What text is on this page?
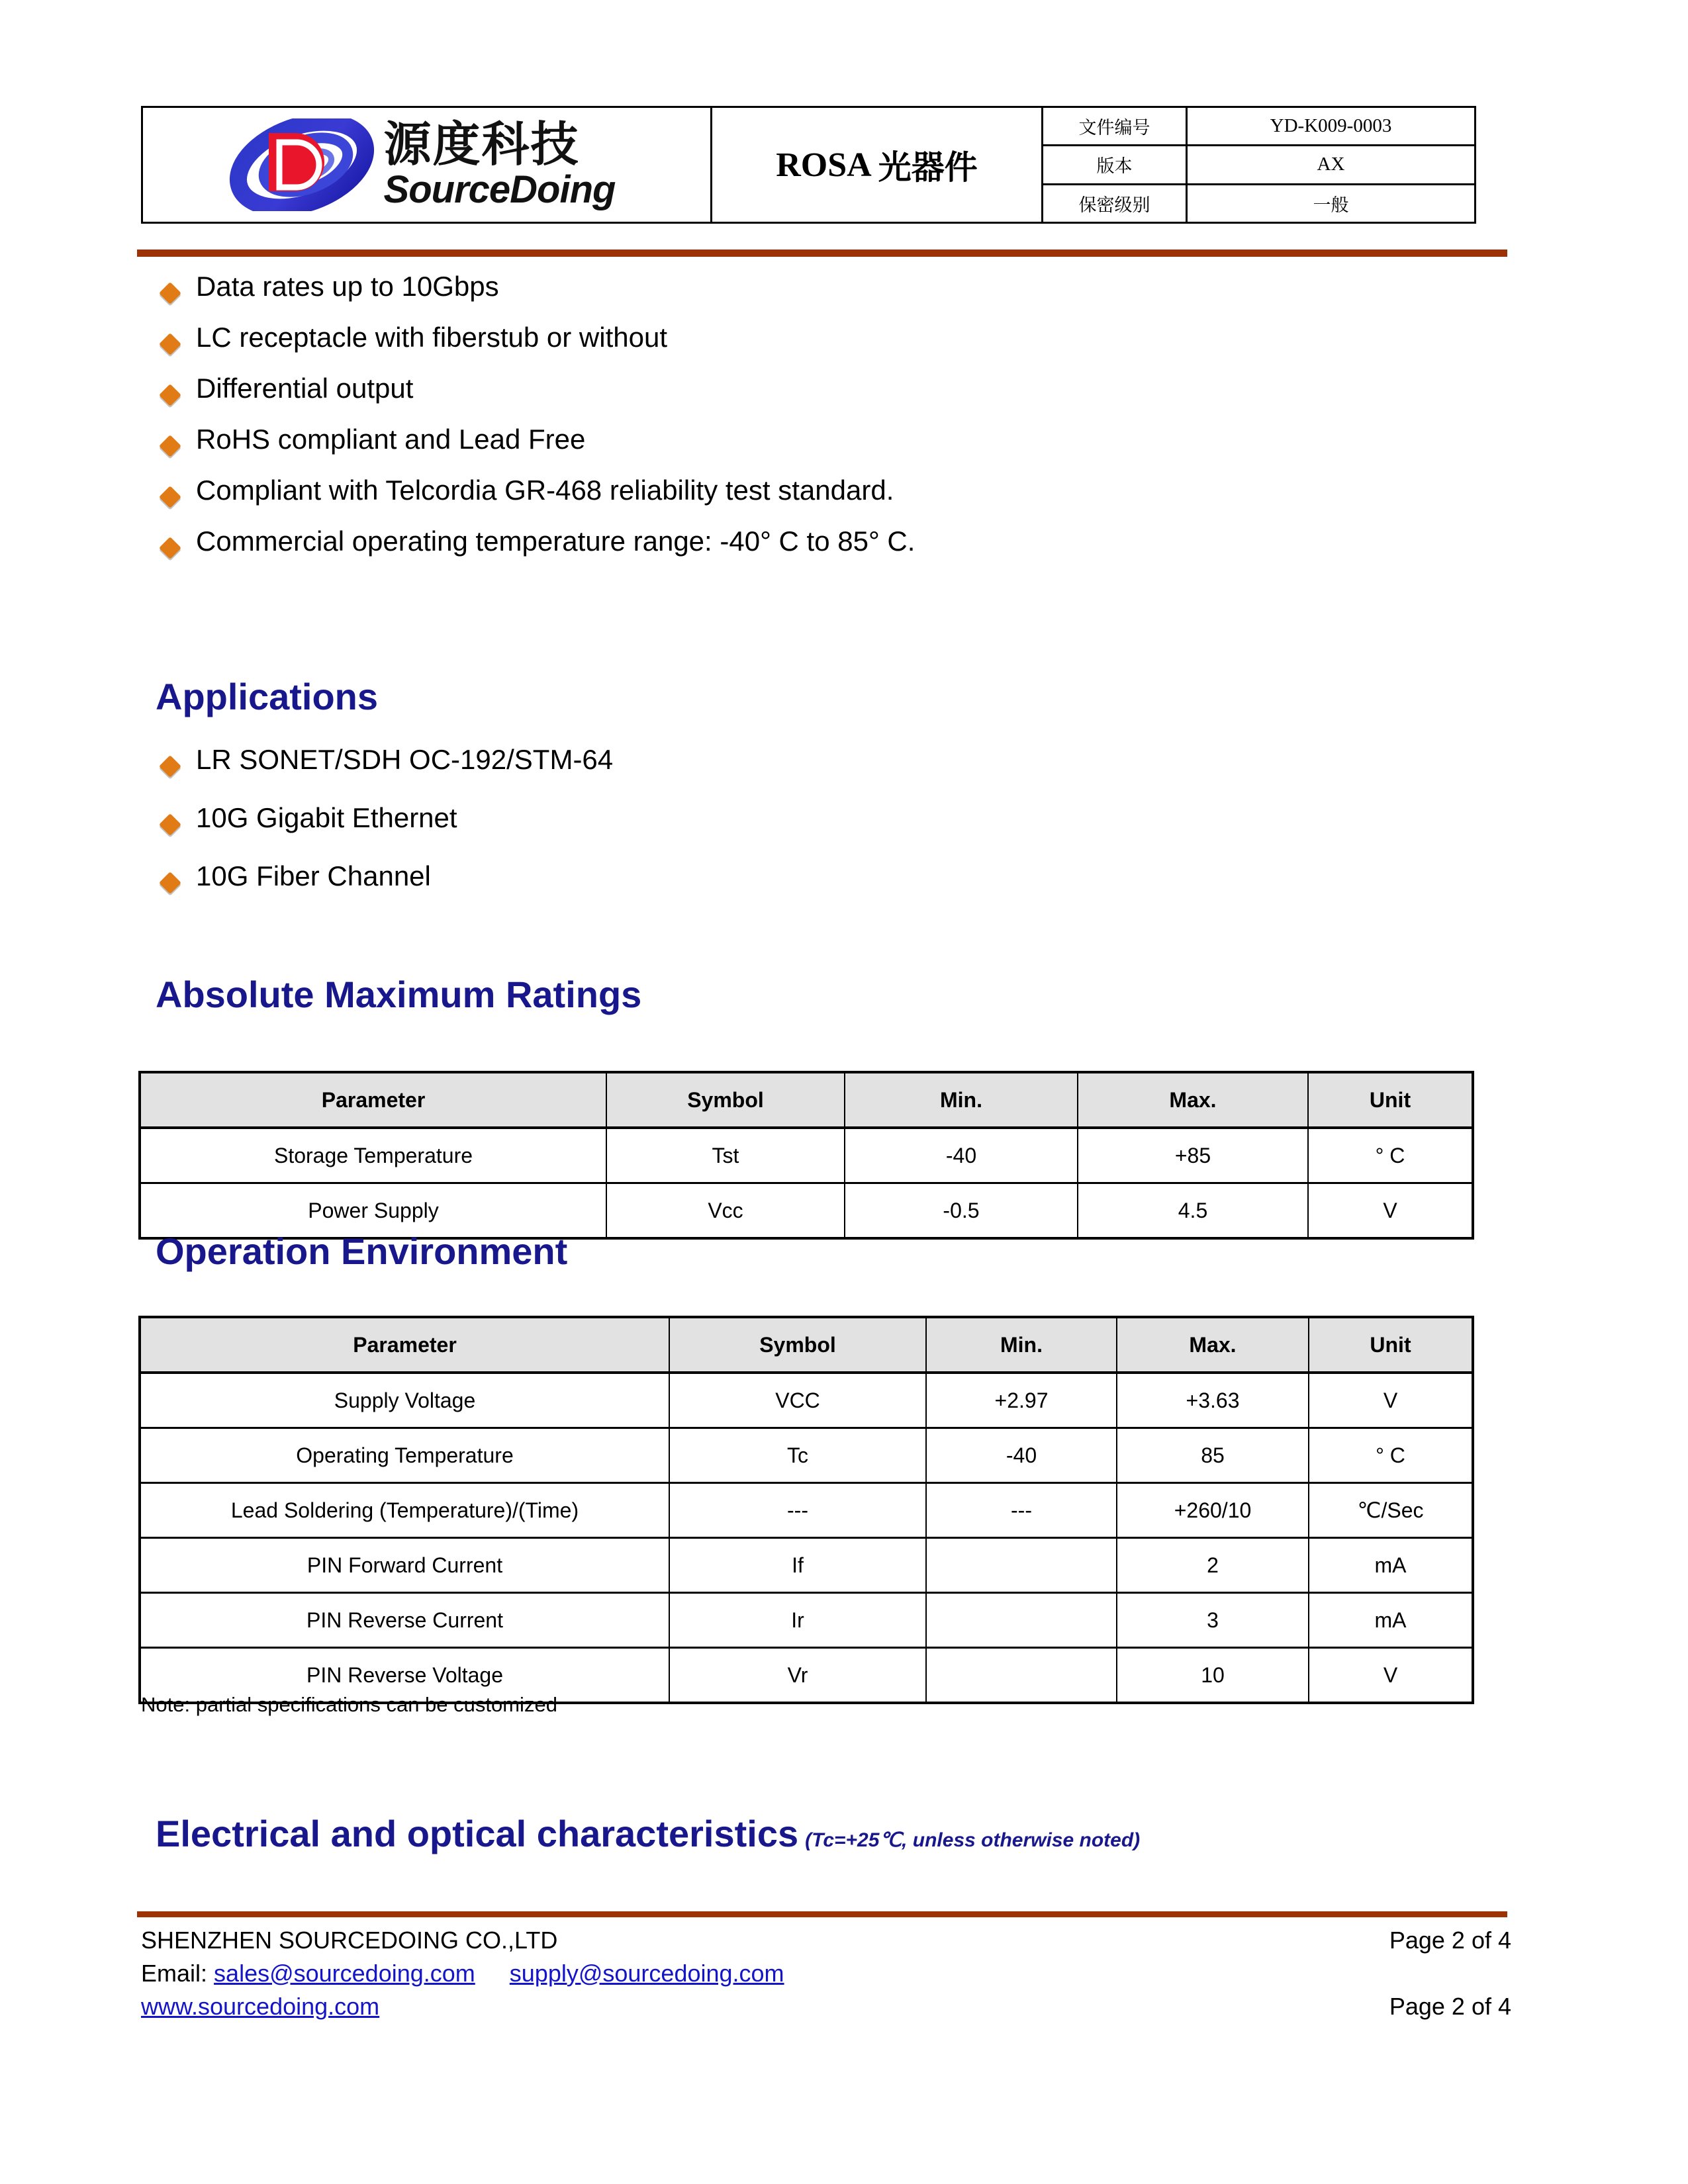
源度科技
SourceDoing
ROSA 光器件
文件编号	YD-K009-0003
版本	AX
保密级别	一般
Data rates up to 10Gbps
LC receptacle with fiberstub or without
Differential output
RoHS compliant and Lead Free
Compliant with Telcordia GR-468 reliability test standard.
Commercial operating temperature range: -40° C to 85° C.
Applications
LR SONET/SDH OC-192/STM-64
10G Gigabit Ethernet
10G Fiber Channel
Absolute Maximum Ratings
Parameter	Symbol	Min.	Max.	Unit
Storage Temperature	Tst	-40	+85	° C
Power Supply	Vcc	-0.5	4.5	V
Operation Environment
Parameter	Symbol	Min.	Max.	Unit
Supply Voltage	VCC	+2.97	+3.63	V
Operating Temperature	Tc	-40	85	° C
Lead Soldering (Temperature)/(Time)	---	---	+260/10	℃/Sec
PIN Forward Current	If		2	mA
PIN Reverse Current	Ir		3	mA
PIN Reverse Voltage	Vr		10	V
Note: partial specifications can be customized
Electrical and optical characteristics (Tc=+25℃, unless otherwise noted)
SHENZHEN SOURCEDOING CO.,LTD	Page 2 of 4
Email: sales@sourcedoing.com supply@sourcedoing.com
www.sourcedoing.com	Page 2 of 4
